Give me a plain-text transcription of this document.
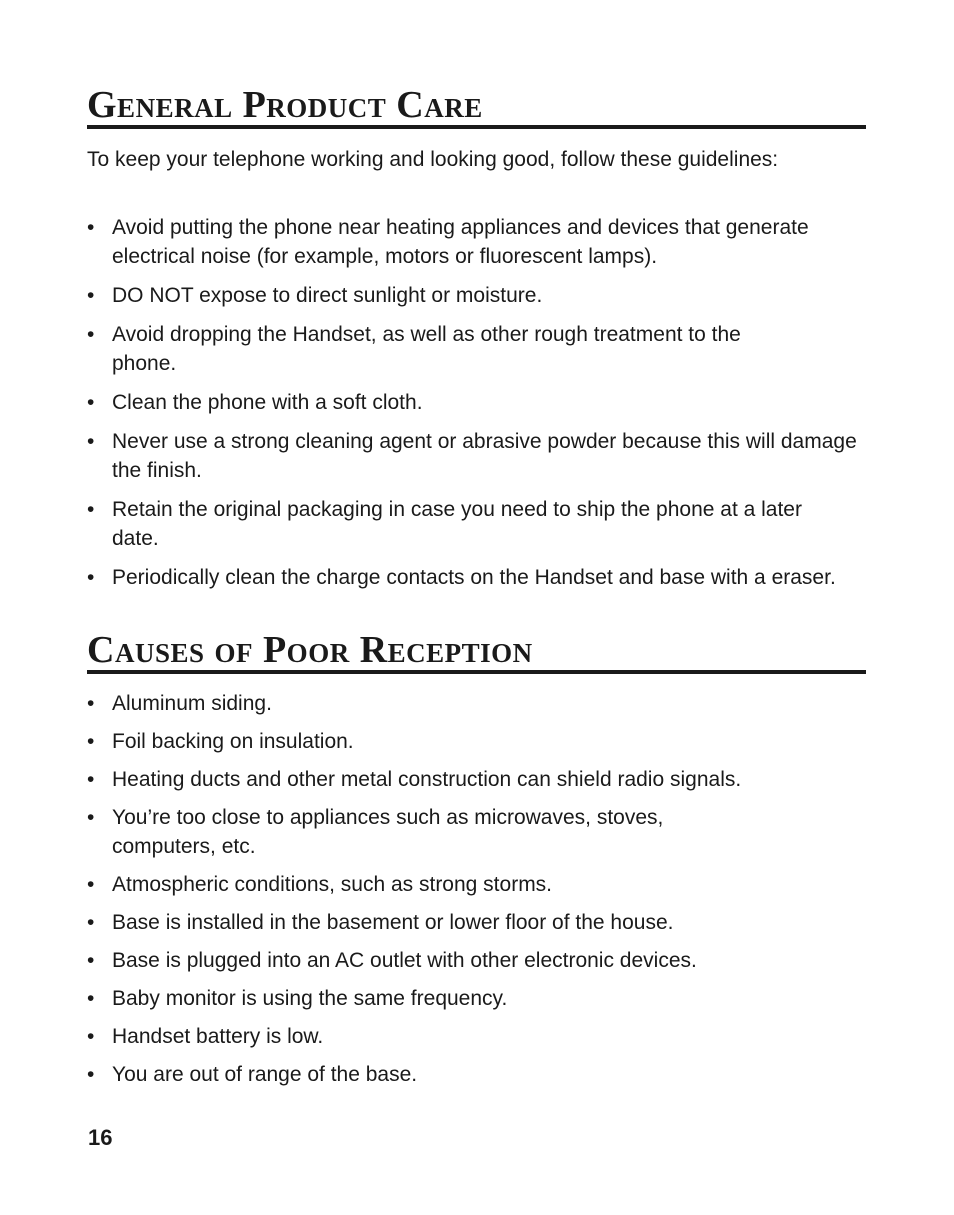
General Product Care
To keep your telephone working and looking good, follow these guidelines:
• Avoid putting the phone near heating appliances and devices that generate electrical noise (for example, motors or fluorescent lamps).
• DO NOT expose to direct sunlight or moisture.
• Avoid dropping the Handset, as well as other rough treatment to the phone.
• Clean the phone with a soft cloth.
• Never use a strong cleaning agent or abrasive powder because this will damage the finish.
• Retain the original packaging in case you need to ship the phone at a later date.
• Periodically clean the charge contacts on the Handset and base with a eraser.
Causes of Poor Reception
• Aluminum siding.
• Foil backing on insulation.
• Heating ducts and other metal construction can shield radio signals.
• You’re too close to appliances such as microwaves, stoves, computers, etc.
• Atmospheric conditions, such as strong storms.
• Base is installed in the basement or lower floor of the house.
• Base is plugged into an AC outlet with other electronic devices.
• Baby monitor is using the same frequency.
• Handset battery is low.
• You are out of range of the base.
16
